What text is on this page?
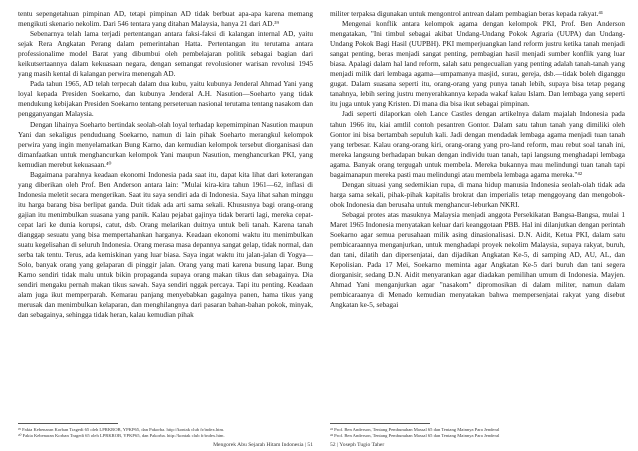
tentu sepengetahuan pimpinan AD, tetapi pimpinan AD tidak berbuat apa-apa karena memang mengikuti skenario nekolim. Dari 546 tentara yang ditahan Malaysia, hanya 21 dari AD.³⁹

Sebenarnya telah lama terjadi pertentangan antara faksi-faksi di kalangan internal AD, yaitu sejak Rera Angkatan Perang dalam pemerintahan Hatta. Pertentangan itu terutama antara professionalime model Barat yang dibumbui oleh pembelajaran politik sebagai bagian dari keikutsertaannya dalam kekuasaan negara, dengan semangat revolusioner warisan revolusi 1945 yang masih kental di kalangan perwira menengah AD.

Pada tahun 1965, AD telah terpecah dalam dua kubu, yaitu kubunya Jenderal Ahmad Yani yang loyal kepada Presiden Soekarno, dan kubunya Jenderal A.H. Nasution—Soeharto yang tidak mendukung kebijakan Presiden Soekarno tentang perseteruan nasional terutama tentang nasakom dan pengganyangan Malaysia.

Dengan lihainya Soeharto bertindak seolah-olah loyal terhadap kepemimpinan Nasution maupun Yani dan sekaligus penduduang Soekarno, namun di lain pihak Soeharto merangkul kelompok perwira yang ingin menyelamatkan Bung Karno, dan kemudian kelompok tersebut diorganisasi dan dimanfaatkan untuk menghancurkan kelompok Yani maupun Nasution, menghancurkan PKI, yang kemudian merebut kekuasaan.⁴⁰

Bagaimana parahnya keadaan ekonomi Indonesia pada saat itu, dapat kita lihat dari keterangan yang diberikan oleh Prof. Ben Anderson antara lain: "Mulai kira-kira tahun 1961—62, inflasi di Indonesia meletit secara mengerikan. Saat itu saya sendiri ada di Indonesia. Saya lihat sahan minggu itu harga barang bisa berlipat ganda. Duit tidak ada arti sama sekali. Khususnya bagi orang-orang gajian itu menimbulkan suasana yang panik. Kalau pejabat gajinya tidak berarti lagi, mereka cepat-cepat lari ke dunia korupsi, catut, dsb. Orang melarikan duitnya untuk beli tanah. Karena tanah dianggap sesuatu yang bisa mempertahankan harganya. Keadaan ekonomi waktu itu menimbulkan suatu kegelisahan di seluruh Indonesia. Orang merasa masa depannya sangat gelap, tidak normal, dan serba tak tentu. Terus, ada kemiskinan yang luar biasa. Saya ingat waktu itu jalan-jalan di Yogya—Solo, banyak orang yang gelaparan di pinggir jalan. Orang yang mati karena busung lapar. Bung Karno sendiri tidak malu untuk bikin propaganda supaya orang makan tikus dan sebagainya. Dia sendiri mengaku pernah makan tikus sawah. Saya sendiri nggak percaya. Tapi itu penting. Keadaan alam juga ikut memperparah. Kemarau panjang menyebabkan gagalnya panen, hama tikus yang merusak dan menimbulkan kelaparan, dan menghilangnya dari pasaran bahan-bahan pokok, minyak, dan sebagainya, sehingga tidak heran, kalau kemudian pihak

³⁹ Fakta Kebenaran Korban Tragedi 65 oleh LPRKROB, YPKP65, dan Pakorba. http://kontak club fr/index.htm.
⁴⁰ Fakta Kebenaran Korban Tragedi 65 oleh LPRKROB, YPKP65, dan Pakorba. http://kontak club fr/index.htm.
Mengorek Abu Sejarah Hitam Indonesia | 51

militer terpaksa digunakan untuk mengontrol antrean dalam pembagian beras kepada rakyat.⁴¹

Mengenai konflik antara kelompok agama dengan kelompok PKI, Prof. Ben Anderson mengatakan, "Ini timbul sebagai akibat Undang-Undang Pokok Agraria (UUPA) dan Undang-Undang Pokok Bagi Hasil (UUPBH). PKI memperjuangkan land reform justru ketika tanah menjadi sangat penting, beras menjadi sangat penting, pembagian hasil menjadi sumber konflik yang luar biasa. Apalagi dalam hal land reform, salah satu pengecualian yang penting adalah tanah-tanah yang menjadi milik dari lembaga agama—umpamanya masjid, surau, gereja, dsb.—tidak boleh diganggu gugat. Dalam suasana seperti itu, orang-orang yang punya tanah lebih, supaya bisa tetap pegang tanahnya, lebih sering justru menyerahkannya kepada wakaf kalau Islam. Dan lembaga yang seperti itu juga untuk yang Kristen. Di mana dia bisa ikut sebagai pimpinan.

Jadi seperti dilaporkan oleh Lance Castles dengan artikelnya dalam majalah Indonesia pada tahun 1966 itu, kiai amtlil contoh pesantren Gontor. Dalam satu tahun tanah yang dimiliki oleh Gontor ini bisa bertambah sepuluh kali. Jadi dengan mendadak lembaga agama menjadi tuan tanah yang terbesar. Kalau orang-orang kiri, orang-orang yang pro-land reform, mau rebut soal tanah ini, mereka langsung berhadapan bukan dengan individu tuan tanah, tapi langsung menghadapi lembaga agama. Banyak orang tergugah untuk membela. Mereka bukannya mau melindungi tuan tanah tapi bagaimanapun mereka pasti mau melindungi atau membela lembaga agama mereka."⁴²

Dengan situasi yang sedemikian rupa, di mana hidup manusia Indonesia seolah-olah tidak ada harga sama sekali, pihak-pihak kapitalis brokrat dan imperialis tetap menggoyang dan mengobok-obok Indonesia dan berusaha untuk menghancur-leburkan NKRI.

Sebagai protes atas masuknya Malaysia menjadi anggota Persekikatan Bangsa-Bangsa, mulai 1 Maret 1965 Indonesia menyatakan keluar dari keanggotaan PBB. Hal ini dilanjutkan dengan perintah Soekarno agar semua perusahaan milik asing dinasionalisasi. D.N. Aidit, Ketua PKI, dalam satu pembicaraannya menganjurkan, untuk menghadapi proyek nekolim Malaysia, supaya rakyat, buruh, dan tani, dilatih dan dipersenjatai, dan dijadikan Angkatan Ke-5, di samping AD, AU, AL, dan Kepolisian. Pada 17 Mei, Soekarno meminta agar Angkatan Ke-5 dari buruh dan tani segera diorganisir, sedang D.N. Aidit menyarankan agar diadakan pemilihan umum di Indonesia. Mayjen. Ahmad Yani menganjurkan agar "nasakom" dipromosikan di dalam militer, namun dalam pembicaraanya di Menado kemudian menyatakan bahwa mempersenjatai rakyat yang disebut Angkatan ke-5, sebagai

⁴¹ Prof. Ben Anderson, Tentang Pembunuhan Massal 65 dan Tentang Mainnya Para Jenderal
⁴² Prof. Ben Anderson, Tentang Pembunuhan Massal 65 dan Tentang Mainnya Para Jenderal
52 | Yoseph Tugio Taher
